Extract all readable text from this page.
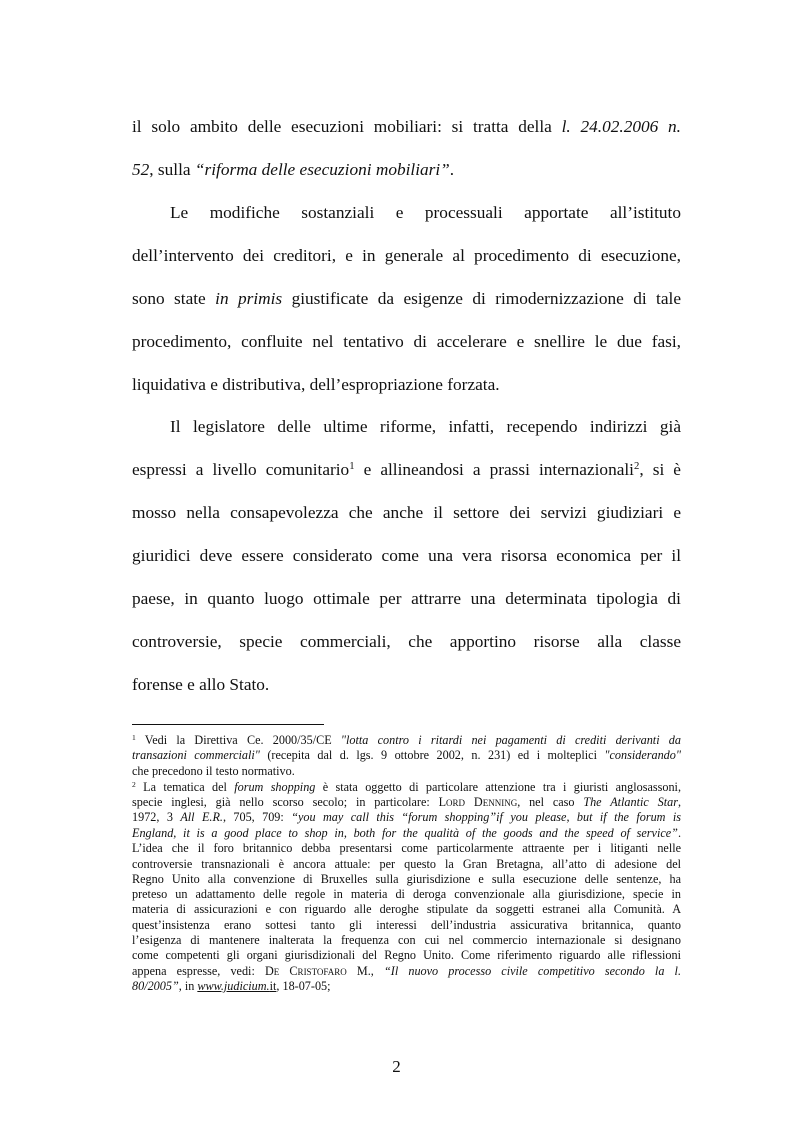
il solo ambito delle esecuzioni mobiliari: si tratta della l. 24.02.2006 n.
52, sulla “riforma delle esecuzioni mobiliari”.
Le modifiche sostanziali e processuali apportate all’istituto
dell’intervento dei creditori, e in generale al procedimento di esecuzione,
sono state in primis giustificate da esigenze di rimodernizzazione di tale
procedimento, confluite nel tentativo di accelerare e snellire le due fasi,
liquidativa e distributiva, dell’espropriazione forzata.
Il legislatore delle ultime riforme, infatti, recependo indirizzi già
espressi a livello comunitario$^1$ e allineandosi a prassi internazionali$^2$, si è
mosso nella consapevolezza che anche il settore dei servizi giudiziari e
giuridici deve essere considerato come una vera risorsa economica per il
paese, in quanto luogo ottimale per attrarre una determinata tipologia di
controversie, specie commerciali, che apportino risorse alla classe
forense e allo Stato.
$^1$ Vedi la Direttiva Ce. 2000/35/CE "lotta contro i ritardi nei pagamenti di crediti derivanti da
transazioni commerciali" (recepita dal d. lgs. 9 ottobre 2002, n. 231) ed i molteplici "considerando"
che precedono il testo normativo.
$^2$ La tematica del forum shopping è stata oggetto di particolare attenzione tra i giuristi anglosassoni,
specie inglesi, già nello scorso secolo; in particolare: Lord Denning, nel caso The Atlantic Star,
1972, 3 All E.R., 705, 709: “you may call this “forum shopping”if you please, but if the forum is
England, it is a good place to shop in, both for the qualità of the goods and the speed of service”.
L’idea che il foro britannico debba presentarsi come particolarmente attraente per i litiganti nelle
controversie transnazionali è ancora attuale: per questo la Gran Bretagna, all’atto di adesione del
Regno Unito alla convenzione di Bruxelles sulla giurisdizione e sulla esecuzione delle sentenze, ha
preteso un adattamento delle regole in materia di deroga convenzionale alla giurisdizione, specie in
materia di assicurazioni e con riguardo alle deroghe stipulate da soggetti estranei alla Comunità. A
quest’insistenza erano sottesi tanto gli interessi dell’industria assicurativa britannica, quanto
l’esigenza di mantenere inalterata la frequenza con cui nel commercio internazionale si designano
come competenti gli organi giurisdizionali del Regno Unito. Come riferimento riguardo alle riflessioni
appena espresse, vedi: De Cristofaro M., “Il nuovo processo civile competitivo secondo la l.
80/2005”, in www.judicium.it, 18-07-05;
2
